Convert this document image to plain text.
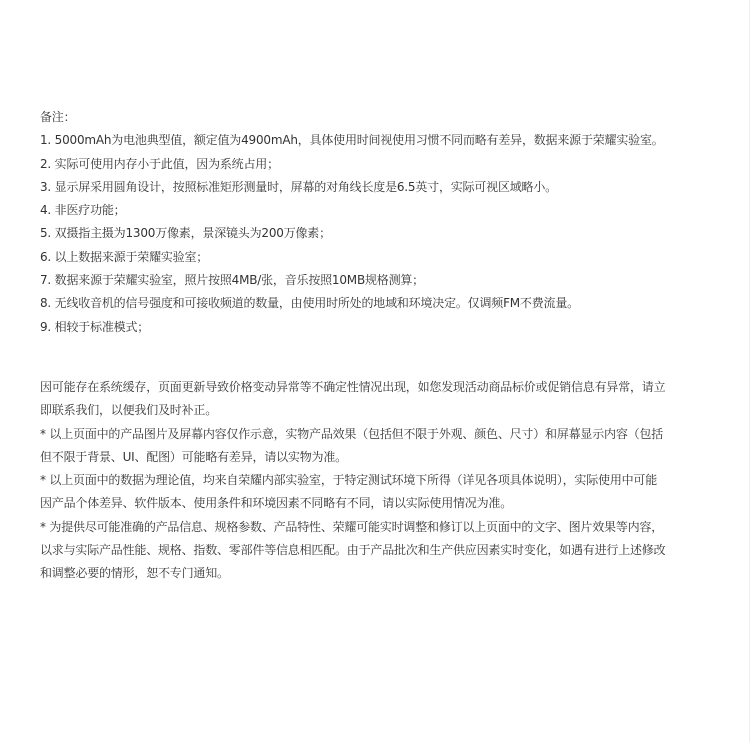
备注：
1. 5000mAh为电池典型值，额定值为4900mAh，具体使用时间视使用习惯不同而略有差异，数据来源于荣耀实验室。
2. 实际可使用内存小于此值，因为系统占用；
3. 显示屏采用圆角设计，按照标准矩形测量时，屏幕的对角线长度是6.5英寸，实际可视区域略小。
4. 非医疗功能；
5. 双摄指主摄为1300万像素，景深镜头为200万像素；
6. 以上数据来源于荣耀实验室；
7. 数据来源于荣耀实验室，照片按照4MB/张，音乐按照10MB规格测算；
8. 无线收音机的信号强度和可接收频道的数量，由使用时所处的地域和环境决定。仅调频FM不费流量。
9. 相较于标准模式；
因可能存在系统缓存，页面更新导致价格变动异常等不确定性情况出现，如您发现活动商品标价或促销信息有异常，请立
即联系我们，以便我们及时补正。
* 以上页面中的产品图片及屏幕内容仅作示意，实物产品效果（包括但不限于外观、颜色、尺寸）和屏幕显示内容（包括
但不限于背景、UI、配图）可能略有差异，请以实物为准。
* 以上页面中的数据为理论值，均来自荣耀内部实验室，于特定测试环境下所得（详见各项具体说明），实际使用中可能
因产品个体差异、软件版本、使用条件和环境因素不同略有不同，请以实际使用情况为准。
* 为提供尽可能准确的产品信息、规格参数、产品特性、荣耀可能实时调整和修订以上页面中的文字、图片效果等内容，
以求与实际产品性能、规格、指数、零部件等信息相匹配。由于产品批次和生产供应因素实时变化，如遇有进行上述修改
和调整必要的情形，恕不专门通知。
